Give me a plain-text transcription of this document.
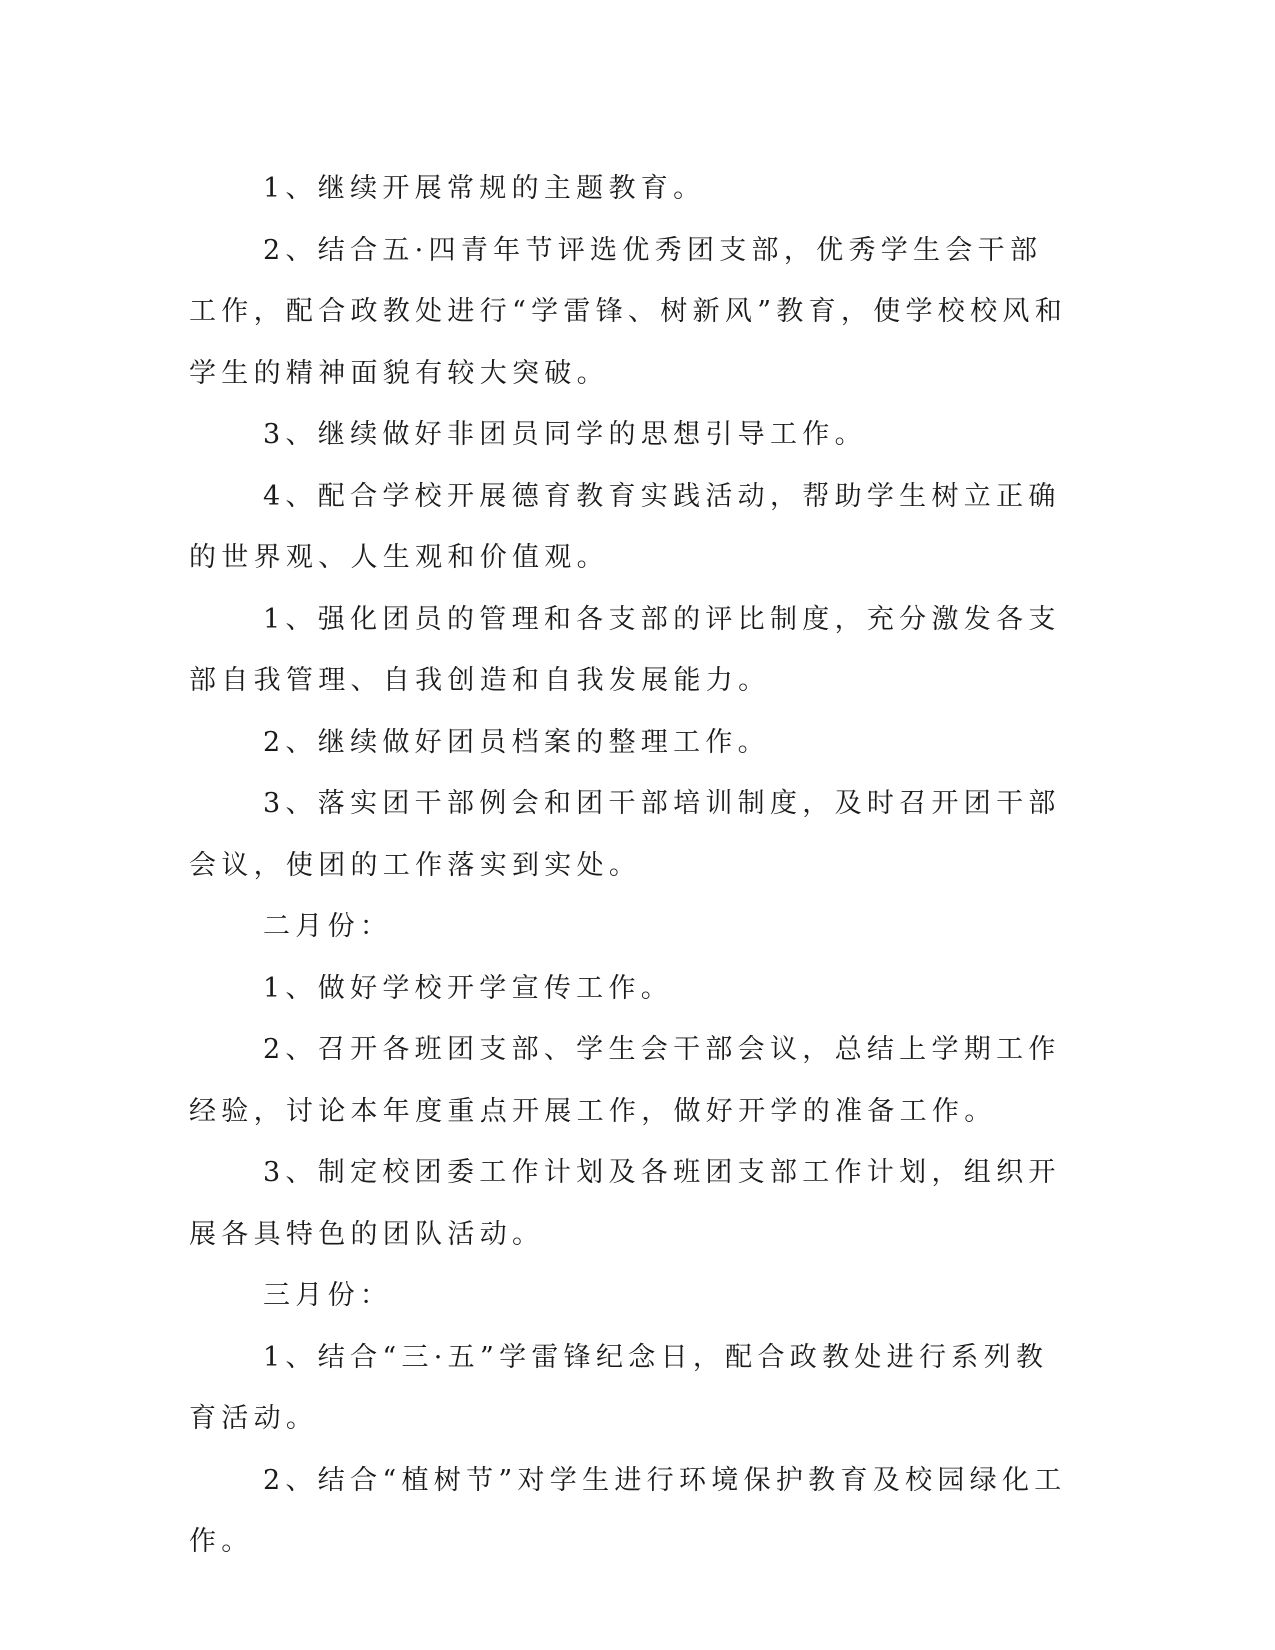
1、继续开展常规的主题教育。

2、结合五·四青年节评选优秀团支部，优秀学生会干部工作，配合政教处进行“学雷锋、树新风”教育，使学校校风和学生的精神面貌有较大突破。

3、继续做好非团员同学的思想引导工作。

4、配合学校开展德育教育实践活动，帮助学生树立正确的世界观、人生观和价值观。

1、强化团员的管理和各支部的评比制度，充分激发各支部自我管理、自我创造和自我发展能力。

2、继续做好团员档案的整理工作。

3、落实团干部例会和团干部培训制度，及时召开团干部会议，使团的工作落实到实处。

二月份：

1、做好学校开学宣传工作。

2、召开各班团支部、学生会干部会议，总结上学期工作经验，讨论本年度重点开展工作，做好开学的准备工作。

3、制定校团委工作计划及各班团支部工作计划，组织开展各具特色的团队活动。

三月份：

1、结合“三·五”学雷锋纪念日，配合政教处进行系列教育活动。

2、结合“植树节”对学生进行环境保护教育及校园绿化工作。
